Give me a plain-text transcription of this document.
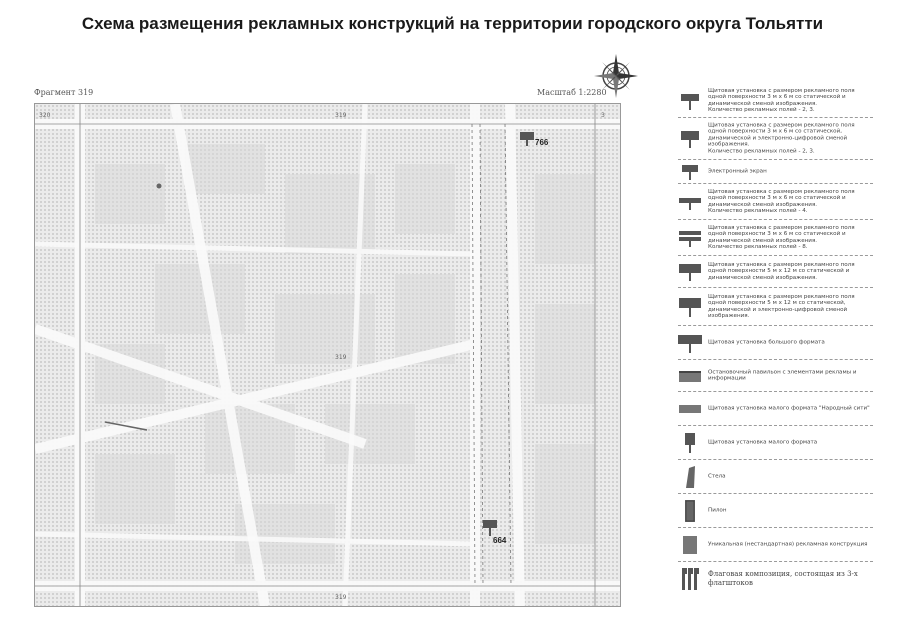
Схема размещения рекламных конструкций на территории городского округа Тольятти
Фрагмент 319	Масштаб 1:2280
320	319	3
319
319
766
664
Щитовая установка с размером рекламного поля одной поверхности 3 м х 6 м со статической и динамической сменой изображения.
Количество рекламных полей - 2, 3.
Щитовая установка с размером рекламного поля одной поверхности 3 м х 6 м со статической, динамической и электронно-цифровой сменой изображения.
Количество рекламных полей - 2, 3.
Электронный экран
Щитовая установка с размером рекламного поля одной поверхности 3 м х 6 м со статической и динамической сменой изображения.
Количество рекламных полей - 4.
Щитовая установка с размером рекламного поля одной поверхности 3 м х 6 м со статической и динамической сменой изображения.
Количество рекламных полей - 8.
Щитовая установка с размером рекламного поля одной поверхности 5 м х 12 м со статической и динамической сменой изображения.
Щитовая установка с размером рекламного поля одной поверхности 5 м х 12 м со статической, динамической и электронно-цифровой сменой изображения.
Щитовая установка большого формата
Остановочный павильон с элементами рекламы и информации
Щитовая установка малого формата "Народный сити"
Щитовая установка малого формата
Стела
Пилон
Уникальная (нестандартная) рекламная конструкция
Флаговая композиция, состоящая из 3-х флагштоков
